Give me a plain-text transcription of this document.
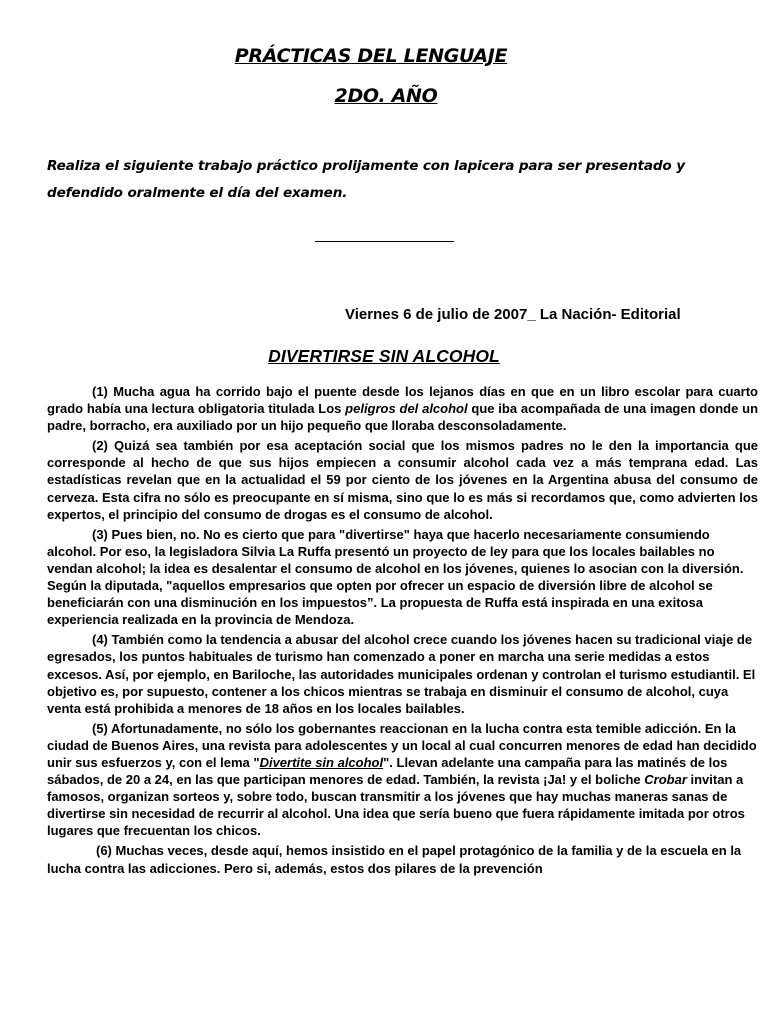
PRÁCTICAS DEL LENGUAJE
2DO. AÑO
Realiza el siguiente trabajo práctico prolijamente con lapicera para ser presentado y defendido oralmente el día del examen.
Viernes 6 de julio de 2007_ La Nación- Editorial
DIVERTIRSE SIN ALCOHOL

(1) Mucha agua ha corrido bajo el puente desde los lejanos días en que en un libro escolar para cuarto grado había una lectura obligatoria titulada Los peligros del alcohol que iba acompañada de una imagen donde un padre, borracho, era auxiliado por un hijo pequeño que lloraba desconsoladamente.

(2) Quizá sea también por esa aceptación social que los mismos padres no le den la importancia que corresponde al hecho de que sus hijos empiecen a consumir alcohol cada vez a más temprana edad. Las estadísticas revelan que en la actualidad el 59 por ciento de los jóvenes en la Argentina abusa del consumo de cerveza. Esta cifra no sólo es preocupante en sí misma, sino que lo es más si recordamos que, como advierten los expertos, el principio del consumo de drogas es el consumo de alcohol.

(3) Pues bien, no. No es cierto que para "divertirse" haya que hacerlo necesariamente consumiendo alcohol. Por eso, la legisladora Silvia La Ruffa presentó un proyecto de ley para que los locales bailables no vendan alcohol; la idea es desalentar el consumo de alcohol en los jóvenes, quienes lo asocian con la diversión. Según la diputada, "aquellos empresarios que opten por ofrecer un espacio de diversión libre de alcohol se beneficiarán con una disminución en los impuestos”. La propuesta de Ruffa está inspirada en una exitosa experiencia realizada en la provincia de Mendoza.

(4) También como la tendencia a abusar del alcohol crece cuando los jóvenes hacen su tradicional viaje de egresados, los puntos habituales de turismo han comenzado a poner en marcha una serie medidas a estos excesos. Así, por ejemplo, en Bariloche, las autoridades municipales ordenan y controlan el turismo estudiantil. El objetivo es, por supuesto, contener a los chicos mientras se trabaja en disminuir el consumo de alcohol, cuya venta está prohibida a menores de 18 años en los locales bailables.

(5) Afortunadamente, no sólo los gobernantes reaccionan en la lucha contra esta temible adicción. En la ciudad de Buenos Aires, una revista para adolescentes y un local al cual concurren menores de edad han decidido unir sus esfuerzos y, con el lema "Divertite sin alcohol". Llevan adelante una campaña para las matinés de los sábados, de 20 a 24, en las que participan menores de edad. También, la revista ¡Ja! y el boliche Crobar invitan a famosos, organizan sorteos y, sobre todo, buscan transmitir a los jóvenes que hay muchas maneras sanas de divertirse sin necesidad de recurrir al alcohol. Una idea que sería bueno que fuera rápidamente imitada por otros lugares que frecuentan los chicos.

(6) Muchas veces, desde aquí, hemos insistido en el papel protagónico de la familia y de la escuela en la lucha contra las adicciones. Pero si, además, estos dos pilares de la prevención
